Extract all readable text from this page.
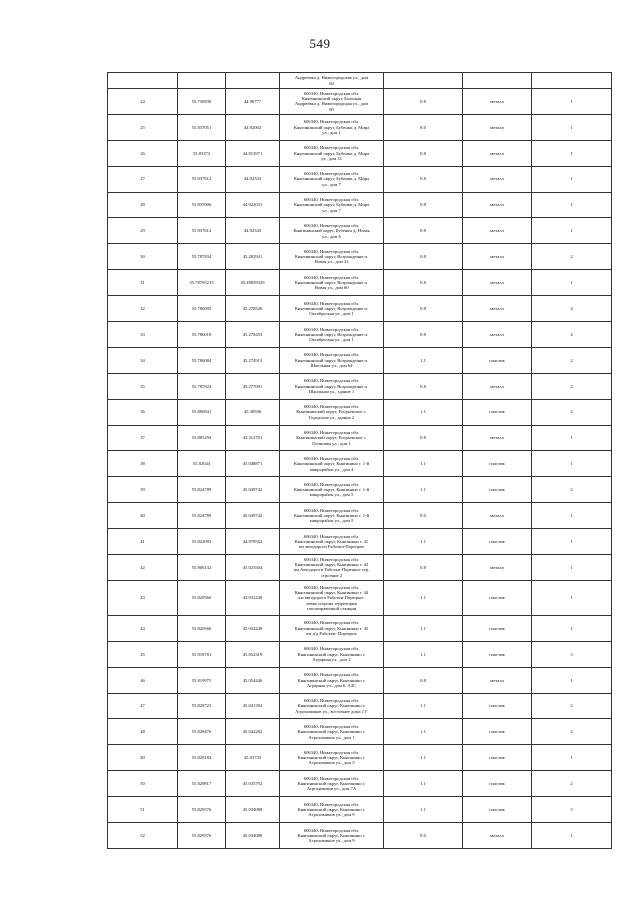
549
			Андреевка д. Нижегородская ул., дом
60			
24	55.730839	44.96777	606340, Нижегородская обл.
Княгининский округ, Большая
Андреевка д. Нижегородская ул., дом
80	0.8	металл	1
25	55.837051	44.92002	606340, Нижегородская обл.
Княгининский округ, Бубенки д. Мира
ул., дом 1	8.0	металл	1
26	55.83373	44.913971	606340, Нижегородская обл.
Княгининский округ, Бубенки д. Мира
ул., дом 31	0.8	металл	1
27	55.837612	44.92543	606340, Нижегородская обл.
Княгининский округ, Бубенки д. Мира
ул., дом 7	0.8	металл	1
28	55.837006	44.922031	606340, Нижегородская обл.
Княгининский округ, Бубенки д. Мира
ул., дом 7	0.8	металл	1
29	55.837612	44.92543	606340, Нижегородская обл.
Княгининский округ, Бубенки д. Новая
ул., дом 6	0.8	металл	1
30	55.787834	45.282941	606340, Нижегородская обл.
Княгининский округ, Возрождение п.
Новая ул., дом 33	0.8	металл	2
31	55.78705215	45.28859329	606340, Нижегородская обл.
Княгининский округ, Возрождение п.
Новая ул., дом 60	0.8	металл	1
32	55.786095	45.278526	606340, Нижегородская обл.
Княгининский округ, Возрождение п.
Октябрьская ул., дом 1	0.8	металл	4
33	55.786018	45.278453	606340, Нижегородская обл.
Княгининский округ, Возрождение п.
Октябрьская ул., дом 1	0.8	металл	4
34	55.786084	45.274913	606340, Нижегородская обл.
Княгининский округ, Возрождение п.
Школьная ул., дом 64	1.1	пластик	2
35	55.787824	45.277091	606340, Нижегородская обл.
Княгининский округ, Возрождение п.
Школьная ул., здание 1	0.8	металл	2
36	55.880841	45.30946	606340, Нижегородская обл.
Княгининский округ, Егорьевское с.
Городская ул., здание 2	1.1	пластик	2
37	55.883294	45.312701	606340, Нижегородская обл.
Княгининский округ, Егорьевское с.
Осиновка ул., дом 1	0.8	металл	1
38	55.82644	45.048871	606340, Нижегородская обл.
Княгининский округ, Княгинино г. 1-й
микрорайон ул., дом 4	1.1	пластик	1
39	55.824789	45.049742	606340, Нижегородская обл.
Княгининский округ, Княгинино г. 1-й
микрорайон ул., дом 5	1.1	пластик	2
40	55.824789	45.049742	606340, Нижегородская обл.
Княгининский округ, Княгинино г. 1-й
микрорайон ул., дом 5	8.0	металл	1
41	55.822093	44.978552	606340, Нижегородская обл.
Княгининский округ, Княгинино г. 41
км автодороги Работки-Порецкое	1.1	пластик	1
42	55.806132	45.023504	606340, Нижегородская обл.
Княгининский округ, Княгинино г. 42
км Автодороги Работки-Порецкое тер.
строение 2	0.8	металл	1
43	55.820566	45.032249	606340, Нижегородская обл.
Княгининский округ, Княгинино г. 44
км автодорога Работки-Порецкое.
левая сторона территории
газозаправочной станции	1.1	пластик	1
44	55.820566	45.032249	606340, Нижегородская обл.
Княгининский округ, Княгинино г. 45
км а/д Работки- Порецкое	1.1	пластик	1
45	55.818781	45.052319	606340, Нижегородская обл.
Княгининский округ, Княгинино г.
Аграрная ул., дом 2	1.1	пластик	3
46	55.819975	45.054446	606340, Нижегородская обл.
Княгининский округ, Княгинино г.
Аграрная ул., дом 6, АЗС	0.8	металл	1
47	55.828723	45.041394	606340, Нижегородская обл.
Княгининский округ, Княгинино г.
Агрохимиков ул., восточнее дома 1 Г	1.1	пластик	2
48	55.828476	45.042282	606340, Нижегородская обл.
Княгининский округ, Княгинино г.
Агрохимиков ул., дом 1	1.1	пластик	2
49	55.829184	45.03733	606340, Нижегородская обл.
Княгининский округ, Княгинино г.
Агрохимиков ул., дом 5	1.1	пластик	1
50	55.829817	45.035792	606340, Нижегородская обл.
Княгининский округ, Княгинино г.
Агрохимиков ул., дом 7А	1.1	пластик	2
51	55.829576	45.034088	606340, Нижегородская обл.
Княгининский округ, Княгинино г.
Агрохимиков ул., дом 9	1.1	пластик	3
52	55.829576	45.034088	606340, Нижегородская обл.
Княгининский округ, Княгинино г.
Агрохимиков ул., дом 9	8.0	металл	1
